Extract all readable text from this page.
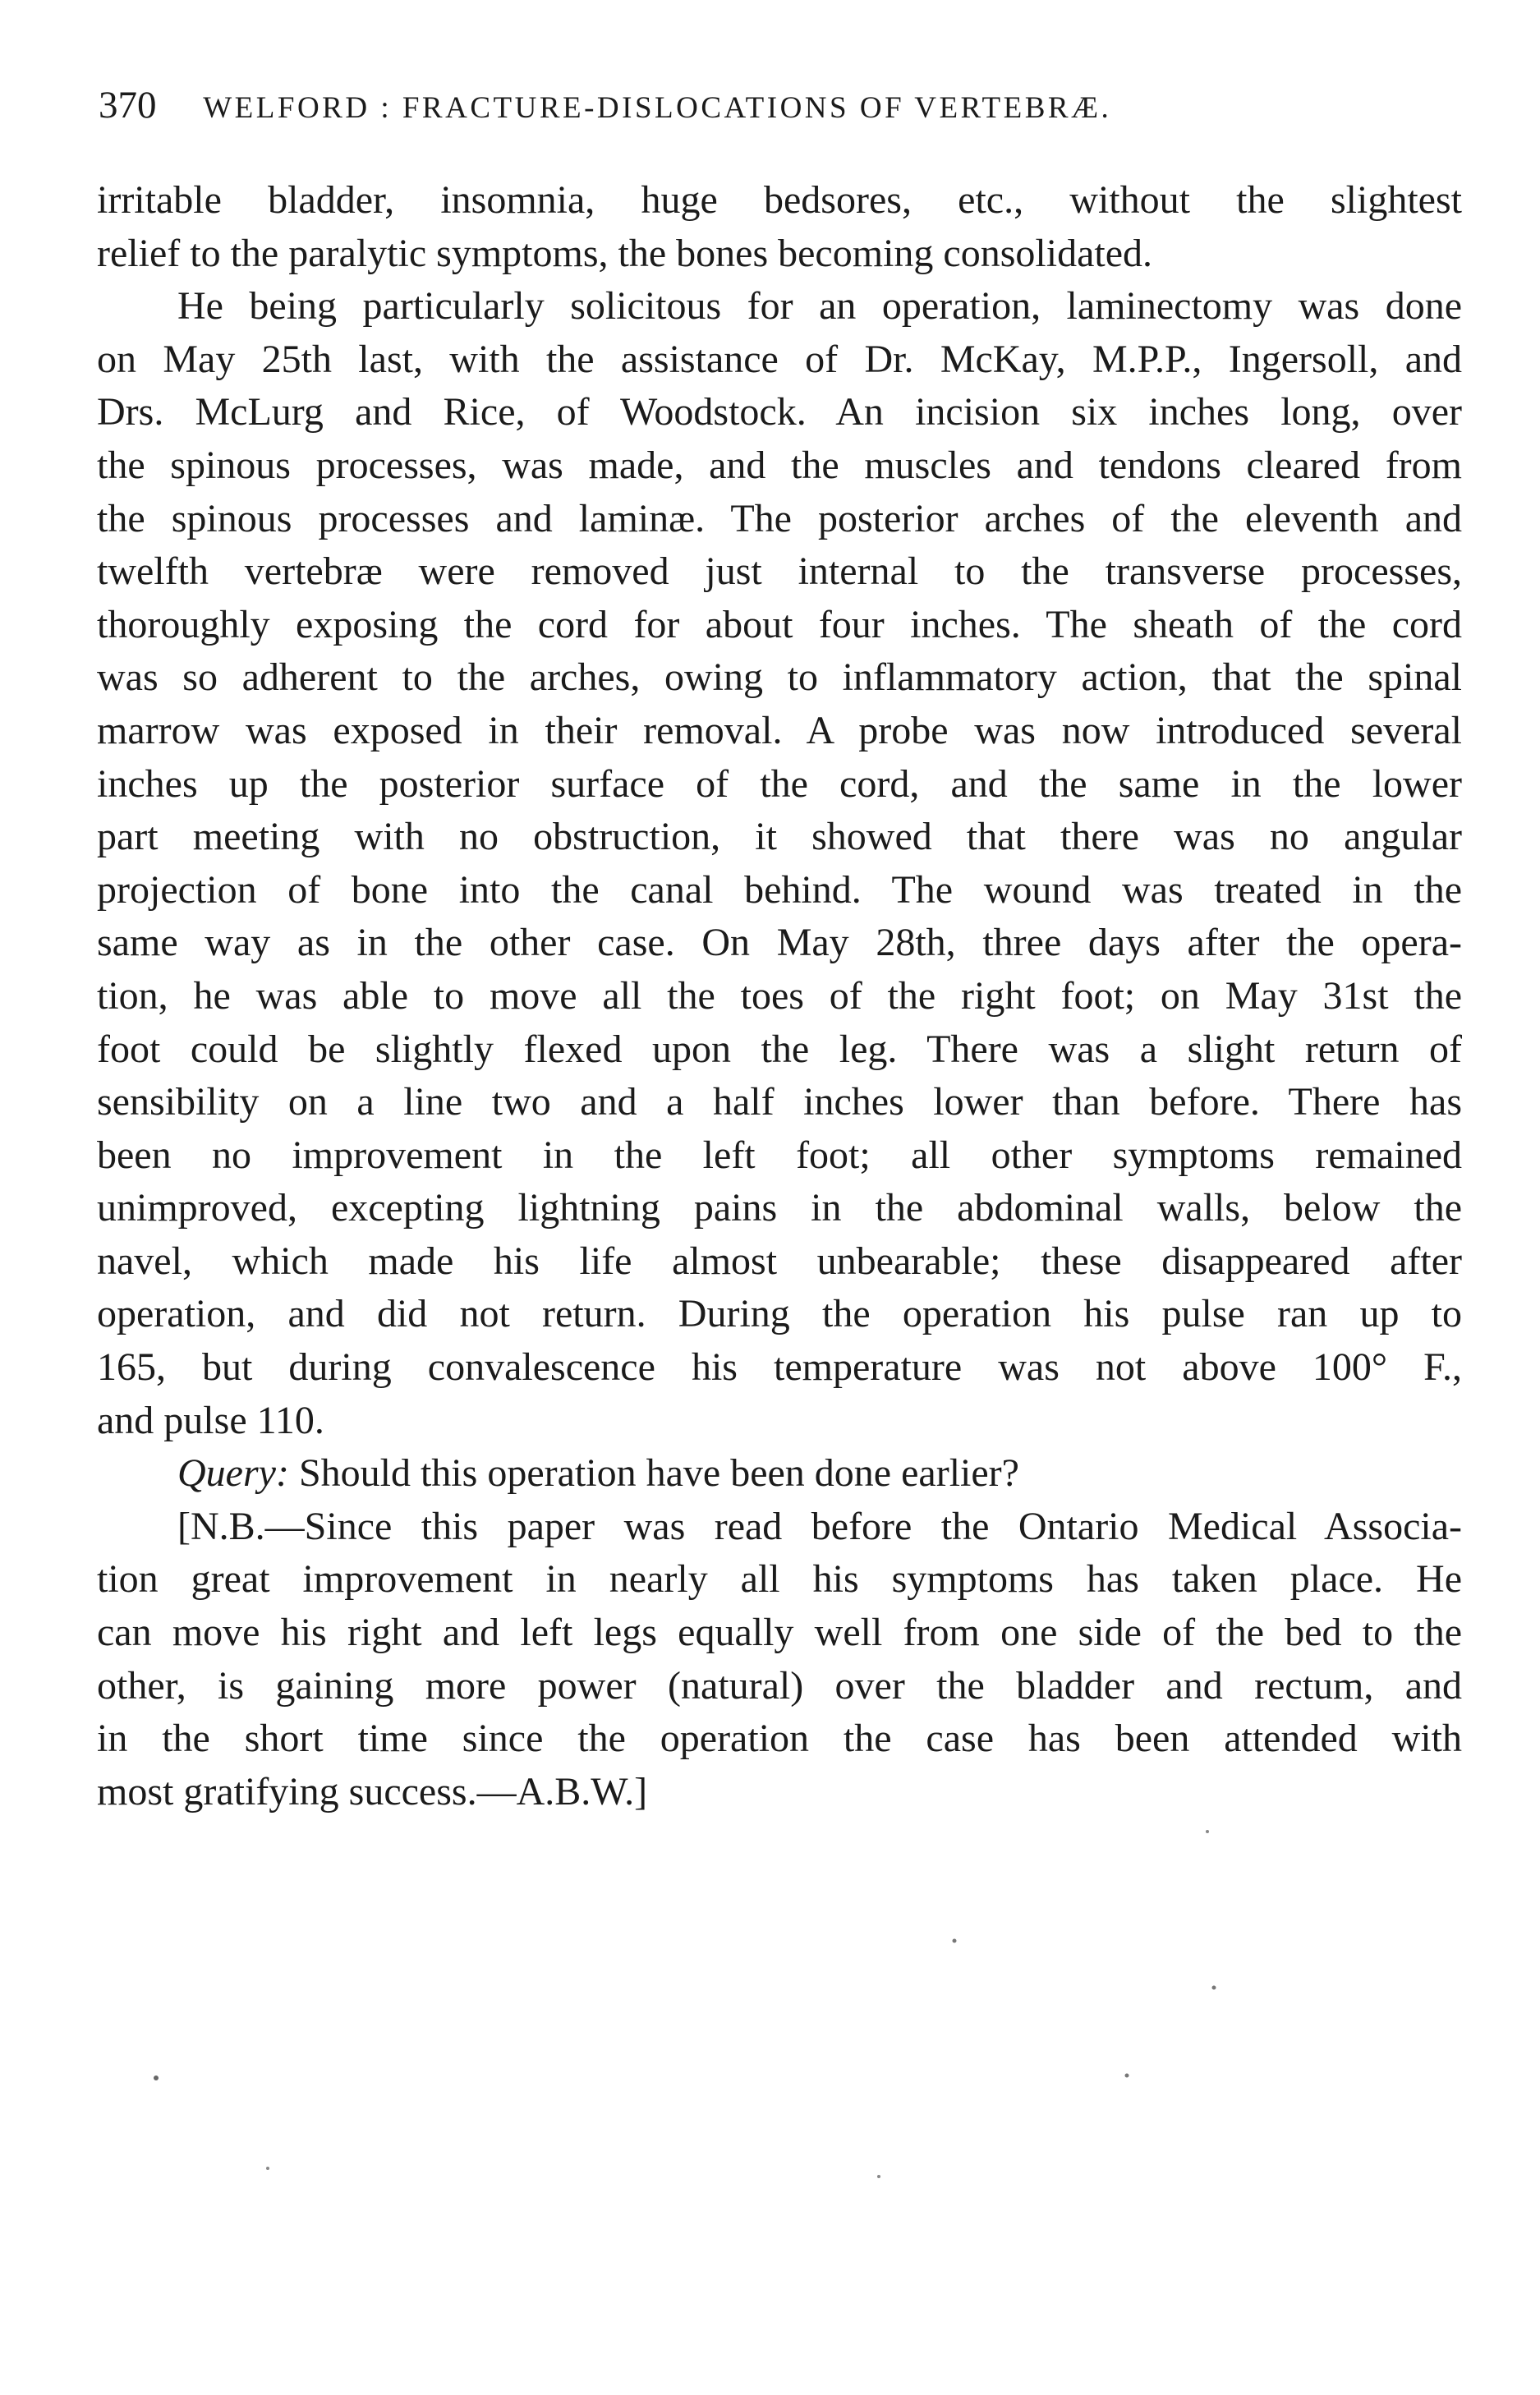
370 WELFORD : FRACTURE-DISLOCATIONS OF VERTEBRÆ.
irritable bladder, insomnia, huge bedsores, etc., without the slightest
relief to the paralytic symptoms, the bones becoming consolidated.
He being particularly solicitous for an operation, laminectomy was done
on May 25th last, with the assistance of Dr. McKay, M.P.P., Ingersoll, and
Drs. McLurg and Rice, of Woodstock. An incision six inches long, over
the spinous processes, was made, and the muscles and tendons cleared from
the spinous processes and laminæ. The posterior arches of the eleventh and
twelfth vertebræ were removed just internal to the transverse processes,
thoroughly exposing the cord for about four inches. The sheath of the cord
was so adherent to the arches, owing to inflammatory action, that the spinal
marrow was exposed in their removal. A probe was now introduced several
inches up the posterior surface of the cord, and the same in the lower
part meeting with no obstruction, it showed that there was no angular
projection of bone into the canal behind. The wound was treated in the
same way as in the other case. On May 28th, three days after the opera-
tion, he was able to move all the toes of the right foot; on May 31st the
foot could be slightly flexed upon the leg. There was a slight return of
sensibility on a line two and a half inches lower than before. There has
been no improvement in the left foot; all other symptoms remained
unimproved, excepting lightning pains in the abdominal walls, below the
navel, which made his life almost unbearable; these disappeared after
operation, and did not return. During the operation his pulse ran up to
165, but during convalescence his temperature was not above 100° F.,
and pulse 110.
Query: Should this operation have been done earlier?
[N.B.—Since this paper was read before the Ontario Medical Associa-
tion great improvement in nearly all his symptoms has taken place. He
can move his right and left legs equally well from one side of the bed to the
other, is gaining more power (natural) over the bladder and rectum, and
in the short time since the operation the case has been attended with
most gratifying success.—A.B.W.]
